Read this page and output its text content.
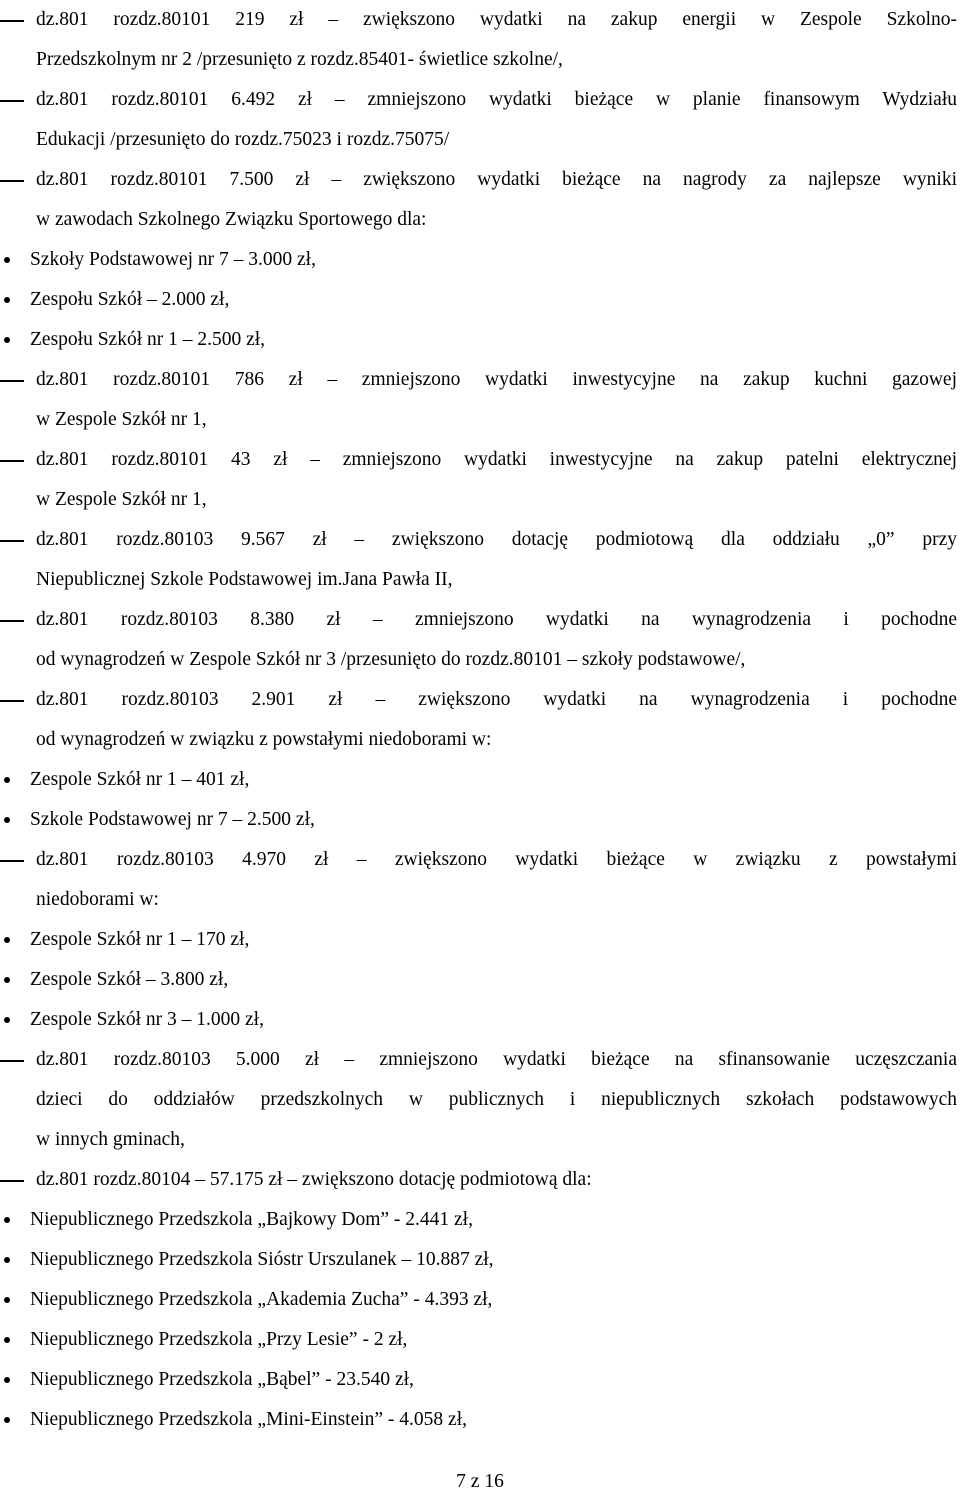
dz.801 rozdz.80101 219 zł – zwiększono wydatki na zakup energii w Zespole Szkolno-
Przedszkolnym nr 2 /przesunięto z rozdz.85401- świetlice szkolne/,
dz.801 rozdz.80101 6.492 zł – zmniejszono wydatki bieżące w planie finansowym Wydziału
Edukacji /przesunięto do rozdz.75023 i rozdz.75075/
dz.801 rozdz.80101 7.500 zł – zwiększono wydatki bieżące na nagrody za najlepsze wyniki
w zawodach Szkolnego Związku Sportowego dla:
Szkoły Podstawowej nr 7 – 3.000 zł,
Zespołu Szkół – 2.000 zł,
Zespołu Szkół nr 1 – 2.500 zł,
dz.801 rozdz.80101 786 zł – zmniejszono wydatki inwestycyjne na zakup kuchni gazowej
w Zespole Szkół nr 1,
dz.801 rozdz.80101 43 zł – zmniejszono wydatki inwestycyjne na zakup patelni elektrycznej
w Zespole Szkół nr 1,
dz.801 rozdz.80103 9.567 zł – zwiększono dotację podmiotową dla oddziału „0” przy
Niepublicznej Szkole Podstawowej im.Jana Pawła II,
dz.801 rozdz.80103 8.380 zł – zmniejszono wydatki na wynagrodzenia i pochodne
od wynagrodzeń w Zespole Szkół nr 3 /przesunięto do rozdz.80101 – szkoły podstawowe/,
dz.801 rozdz.80103 2.901 zł – zwiększono wydatki na wynagrodzenia i pochodne
od wynagrodzeń w związku z powstałymi niedoborami w:
Zespole Szkół nr 1 – 401 zł,
Szkole Podstawowej nr 7 – 2.500 zł,
dz.801 rozdz.80103 4.970 zł – zwiększono wydatki bieżące w związku z powstałymi
niedoborami w:
Zespole Szkół nr 1 – 170 zł,
Zespole Szkół – 3.800 zł,
Zespole Szkół nr 3 – 1.000 zł,
dz.801 rozdz.80103 5.000 zł – zmniejszono wydatki bieżące na sfinansowanie uczęszczania
dzieci do oddziałów przedszkolnych w publicznych i niepublicznych szkołach podstawowych
w innych gminach,
dz.801 rozdz.80104 – 57.175 zł – zwiększono dotację podmiotową dla:
Niepublicznego Przedszkola „Bajkowy Dom” - 2.441 zł,
Niepublicznego Przedszkola Sióstr Urszulanek – 10.887 zł,
Niepublicznego Przedszkola „Akademia Zucha” - 4.393 zł,
Niepublicznego Przedszkola „Przy Lesie” - 2 zł,
Niepublicznego Przedszkola „Bąbel” - 23.540 zł,
Niepublicznego Przedszkola „Mini-Einstein” - 4.058 zł,
7 z 16
